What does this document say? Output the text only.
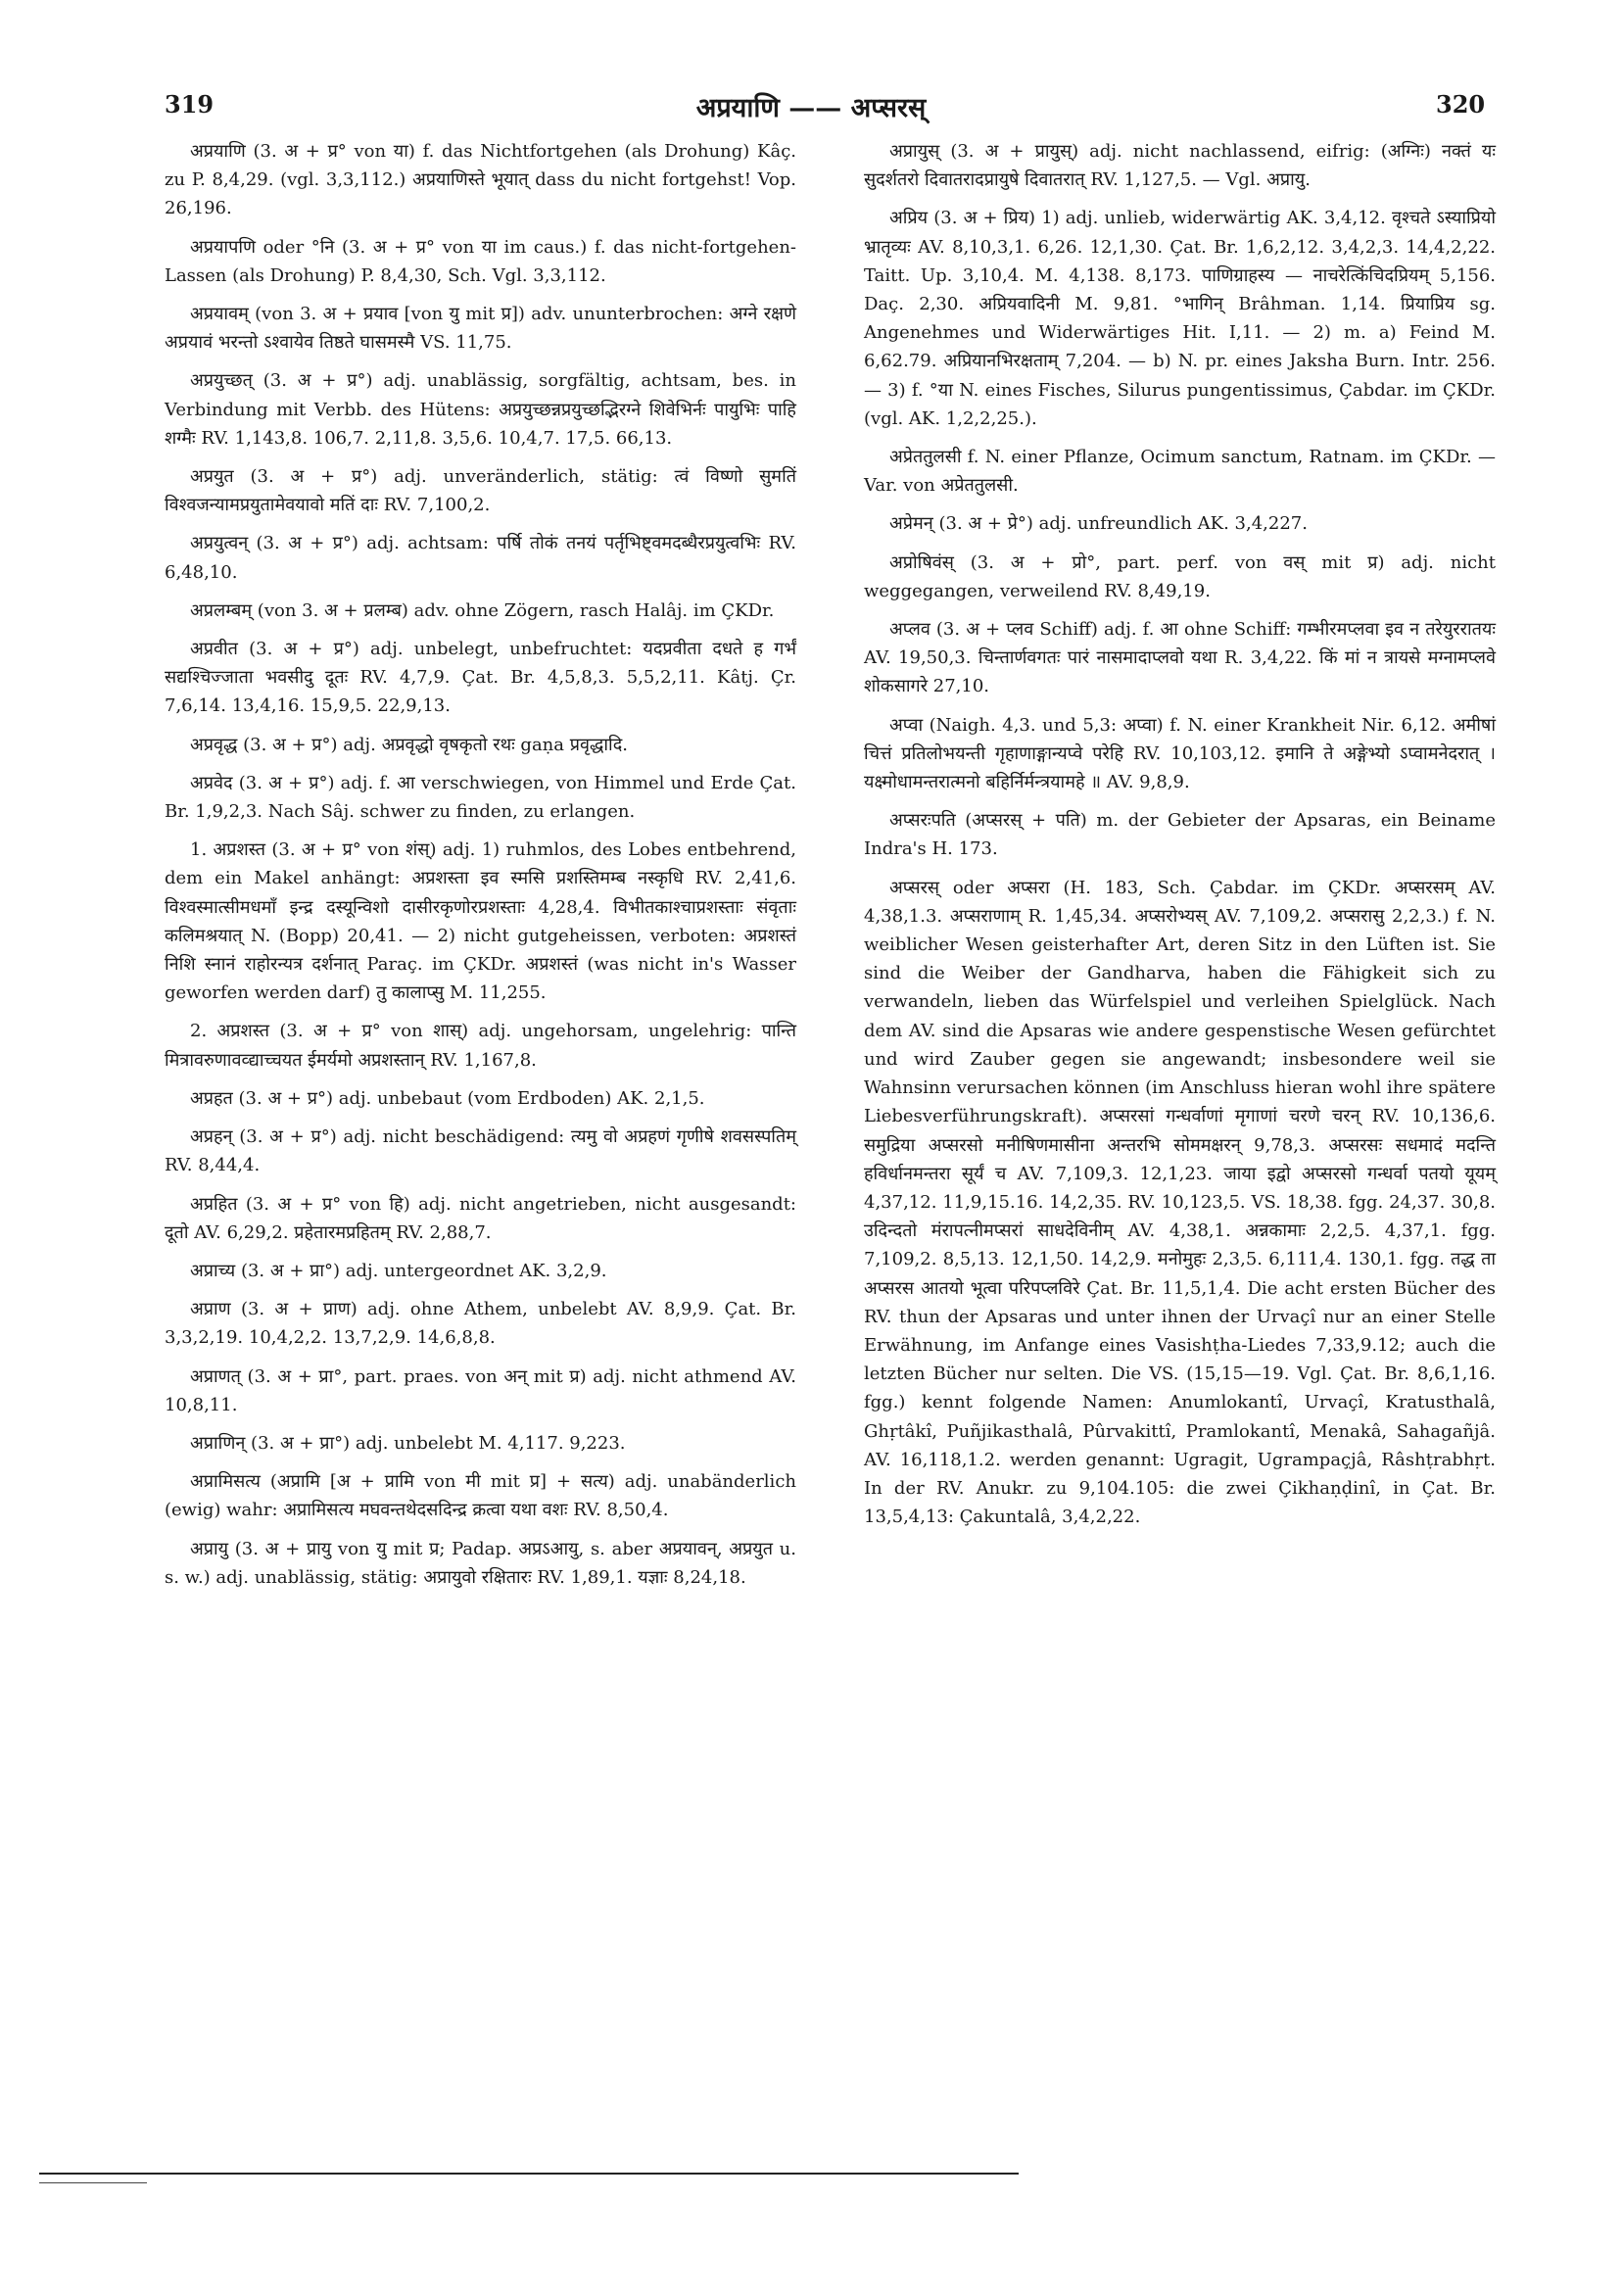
319	अप्रयाणि —— अप्सरस्	320

अप्रयाणि (3. अ + प्र° von या) f. das Nichtfortgehen (als Drohung) Kâç. zu P. 8,4,29. (vgl. 3,3,112.) अप्रयाणिस्ते भूयात् dass du nicht fortgehst! Vop. 26,196.

अप्रयापणि oder °नि (3. अ + प्र° von या im caus.) f. das nicht-fortgehen-Lassen (als Drohung) P. 8,4,30, Sch. Vgl. 3,3,112.

अप्रयावम् (von 3. अ + प्रयाव [von यु mit प्र]) adv. ununterbrochen: अग्ने रक्षणे अप्रयावं भरन्तो ऽश्वायेव तिष्ठते घासमस्मै VS. 11,75.

अप्रयुच्छत् (3. अ + प्र°) adj. unablässig, sorgfältig, achtsam, bes. in Verbindung mit Verbb. des Hütens: अप्रयुच्छन्नप्रयुच्छद्भिरग्ने शिवेभिर्नः पायुभिः पाहि शग्मैः RV. 1,143,8. 106,7. 2,11,8. 3,5,6. 10,4,7. 17,5. 66,13.

अप्रयुत (3. अ + प्र°) adj. unveränderlich, stätig: त्वं विष्णो सुमतिं विश्वजन्यामप्रयुतामेवयावो मतिं दाः RV. 7,100,2.

अप्रयुत्वन् (3. अ + प्र°) adj. achtsam: पर्षि तोकं तनयं पर्तृभिष्ट्वमदब्धैरप्रयुत्वभिः RV. 6,48,10.

अप्रलम्बम् (von 3. अ + प्रलम्ब) adv. ohne Zögern, rasch Halâj. im ÇKDr.

अप्रवीत (3. अ + प्र°) adj. unbelegt, unbefruchtet: यदप्रवीता दधते ह गर्भं सद्यश्चिज्जाता भवसीदु दूतः RV. 4,7,9. Çat. Br. 4,5,8,3. 5,5,2,11. Kâtj. Çr. 7,6,14. 13,4,16. 15,9,5. 22,9,13.

अप्रवृद्ध (3. अ + प्र°) adj. अप्रवृद्धो वृषकृतो रथः gaṇa प्रवृद्धादि.

अप्रवेद (3. अ + प्र°) adj. f. आ verschwiegen, von Himmel und Erde Çat. Br. 1,9,2,3. Nach Sâj. schwer zu finden, zu erlangen.

1. अप्रशस्त (3. अ + प्र° von शंस्) adj. 1) ruhmlos, des Lobes entbehrend, dem ein Makel anhängt: अप्रशस्ता इव स्मसि प्रशस्तिमम्ब नस्कृधि RV. 2,41,6. विश्वस्मात्सीमधमाँ इन्द्र दस्यून्विशो दासीरकृणोरप्रशस्ताः 4,28,4. विभीतकाश्चाप्रशस्ताः संवृताः कलिमश्रयात् N. (Bopp) 20,41. — 2) nicht gutgeheissen, verboten: अप्रशस्तं निशि स्नानं राहोरन्यत्र दर्शनात् Paraç. im ÇKDr. अप्रशस्तं (was nicht in's Wasser geworfen werden darf) तु कालाप्सु M. 11,255.

2. अप्रशस्त (3. अ + प्र° von शास्) adj. ungehorsam, ungelehrig: पान्ति मित्रावरुणावव्द्याच्चयत ईमर्यमो अप्रशस्तान् RV. 1,167,8.

अप्रहत (3. अ + प्र°) adj. unbebaut (vom Erdboden) AK. 2,1,5.

अप्रहन् (3. अ + प्र°) adj. nicht beschädigend: त्यमु वो अप्रहणं गृणीषे शवसस्पतिम् RV. 8,44,4.

अप्रहित (3. अ + प्र° von हि) adj. nicht angetrieben, nicht ausgesandt: दूतो AV. 6,29,2. प्रहेतारमप्रहितम् RV. 2,88,7.

अप्राच्य (3. अ + प्रा°) adj. untergeordnet AK. 3,2,9.

अप्राण (3. अ + प्राण) adj. ohne Athem, unbelebt AV. 8,9,9. Çat. Br. 3,3,2,19. 10,4,2,2. 13,7,2,9. 14,6,8,8.

अप्राणत् (3. अ + प्रा°, part. praes. von अन् mit प्र) adj. nicht athmend AV. 10,8,11.

अप्राणिन् (3. अ + प्रा°) adj. unbelebt M. 4,117. 9,223.

अप्रामिसत्य (अप्रामि [अ + प्रामि von मी mit प्र] + सत्य) adj. unabänderlich (ewig) wahr: अप्रामिसत्य मघवन्तथेदसदिन्द्र क्रत्वा यथा वशः RV. 8,50,4.

अप्रायु (3. अ + प्रायु von यु mit प्र; Padap. अप्रऽआयु, s. aber अप्रयावन्, अप्रयुत u. s. w.) adj. unablässig, stätig: अप्रायुवो रक्षितारः RV. 1,89,1. यज्ञाः 8,24,18.

अप्रायुस् (3. अ + प्रायुस्) adj. nicht nachlassend, eifrig: (अग्निः) नक्तं यः सुदर्शतरो दिवातरादप्रायुषे दिवातरात् RV. 1,127,5. — Vgl. अप्रायु.

अप्रिय (3. अ + प्रिय) 1) adj. unlieb, widerwärtig AK. 3,4,12. वृश्चते ऽस्याप्रियो भ्रातृव्यः AV. 8,10,3,1. 6,26. 12,1,30. Çat. Br. 1,6,2,12. 3,4,2,3. 14,4,2,22. Taitt. Up. 3,10,4. M. 4,138. 8,173. पाणिग्राहस्य — नाचरेत्किंचिदप्रियम् 5,156. Daç. 2,30. अप्रियवादिनी M. 9,81. °भागिन् Brâhman. 1,14. प्रियाप्रिय sg. Angenehmes und Widerwärtiges Hit. I,11. — 2) m. a) Feind M. 6,62.79. अप्रियानभिरक्षताम् 7,204. — b) N. pr. eines Jaksha Burn. Intr. 256. — 3) f. °या N. eines Fisches, Silurus pungentissimus, Çabdar. im ÇKDr. (vgl. AK. 1,2,2,25.).

अप्रेततुलसी f. N. einer Pflanze, Ocimum sanctum, Ratnam. im ÇKDr. — Var. von अप्रेततुलसी.

अप्रेमन् (3. अ + प्रे°) adj. unfreundlich AK. 3,4,227.

अप्रोषिवंस् (3. अ + प्रो°, part. perf. von वस् mit प्र) adj. nicht weggegangen, verweilend RV. 8,49,19.

अप्लव (3. अ + प्लव Schiff) adj. f. आ ohne Schiff: गम्भीरमप्लवा इव न तरेयुररातयः AV. 19,50,3. चिन्तार्णवगतः पारं नासमादाप्लवो यथा R. 3,4,22. किं मां न त्रायसे मग्नामप्लवे शोकसागरे 27,10.

अप्वा (Naigh. 4,3. und 5,3: अप्वा) f. N. einer Krankheit Nir. 6,12. अमीषां चित्तं प्रतिलोभयन्ती गृहाणाङ्गान्यप्वे परेहि RV. 10,103,12. इमानि ते अङ्गेभ्यो ऽप्वामनेदरात् । यक्ष्मोधामन्तरात्मनो बहिर्निर्मन्त्रयामहे ॥ AV. 9,8,9.

अप्सरःपति (अप्सरस् + पति) m. der Gebieter der Apsaras, ein Beiname Indra's H. 173.

अप्सरस् oder अप्सरा (H. 183, Sch. Çabdar. im ÇKDr. अप्सरसम् AV. 4,38,1.3. अप्सराणाम् R. 1,45,34. अप्सरोभ्यस् AV. 7,109,2. अप्सरासु 2,2,3.) f. N. weiblicher Wesen geisterhafter Art, deren Sitz in den Lüften ist. Sie sind die Weiber der Gandharva, haben die Fähigkeit sich zu verwandeln, lieben das Würfelspiel und verleihen Spielglück. Nach dem AV. sind die Apsaras wie andere gespenstische Wesen gefürchtet und wird Zauber gegen sie angewandt; insbesondere weil sie Wahnsinn verursachen können (im Anschluss hieran wohl ihre spätere Liebesverführungskraft). अप्सरसां गन्धर्वाणां मृगाणां चरणे चरन् RV. 10,136,6. समुद्रिया अप्सरसो मनीषिणमासीना अन्तरभि सोममक्षरन् 9,78,3. अप्सरसः सधमादं मदन्ति हविर्धानमन्तरा सूर्यं च AV. 7,109,3. 12,1,23. जाया इद्वो अप्सरसो गन्धर्वा पतयो यूयम् 4,37,12. 11,9,15.16. 14,2,35. RV. 10,123,5. VS. 18,38. fgg. 24,37. 30,8. उदिन्दतो मंरापत्नीमप्सरां साधदेविनीम् AV. 4,38,1. अन्नकामाः 2,2,5. 4,37,1. fgg. 7,109,2. 8,5,13. 12,1,50. 14,2,9. मनोमुहः 2,3,5. 6,111,4. 130,1. fgg. तद्ध ता अप्सरस आतयो भूत्वा परिपप्लविरे Çat. Br. 11,5,1,4. Die acht ersten Bücher des RV. thun der Apsaras und unter ihnen der Urvaçî nur an einer Stelle Erwähnung, im Anfange eines Vasishṭha-Liedes 7,33,9.12; auch die letzten Bücher nur selten. Die VS. (15,15—19. Vgl. Çat. Br. 8,6,1,16. fgg.) kennt folgende Namen: Anumlokantî, Urvaçî, Kratusthalâ, Ghṛtâkî, Puñjikasthalâ, Pûrvakittî, Pramlokantî, Menakâ, Sahagañjâ. AV. 16,118,1.2. werden genannt: Ugragit, Ugrampaçjâ, Râshṭrabhṛt. In der RV. Anukr. zu 9,104.105: die zwei Çikhaṇḍinî, in Çat. Br. 13,5,4,13: Çakuntalâ, 3,4,2,22.
